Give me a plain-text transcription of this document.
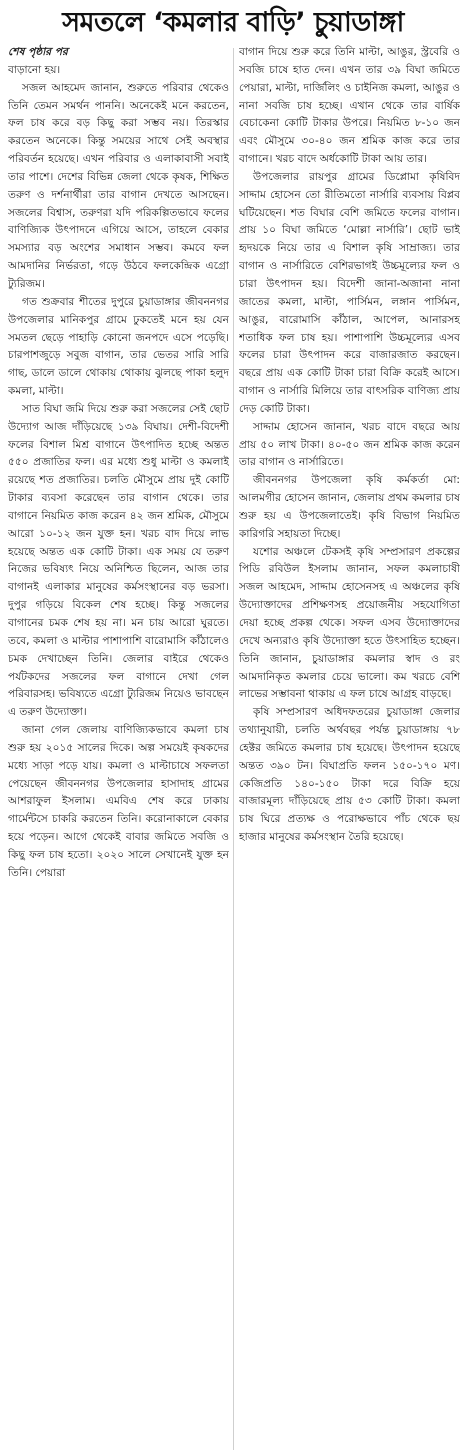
সমতলে ‘কমলার বাড়ি’ চুয়াডাঙ্গা
শেষ পৃষ্ঠার পর

বাড়ানো হয়।

সজল আহমেদ জানান, শুরুতে পরিবার থেকেও তিনি তেমন সমর্থন পাননি। অনেকেই মনে করতেন, ফল চাষ করে বড় কিছু করা সম্ভব নয়। তিরস্কার করতেন অনেকে। কিন্তু সময়ের সাথে সেই অবস্থার পরিবর্তন হয়েছে। এখন পরিবার ও এলাকাবাসী সবাই তার পাশে। দেশের বিভিন্ন জেলা থেকে কৃষক, শিক্ষিত তরুণ ও দর্শনার্থীরা তার বাগান দেখতে আসছেন। সজলের বিশ্বাস, তরুণরা যদি পরিকল্পিতভাবে ফলের বাণিজ্যিক উৎপাদনে এগিয়ে আসে, তাহলে বেকার সমস্যার বড় অংশের সমাধান সম্ভব। কমবে ফল আমদানির নির্ভরতা, গড়ে উঠবে ফলকেন্দ্রিক এগ্রো ট্যুরিজম।

গত শুক্রবার শীতের দুপুরে চুয়াডাঙ্গার জীবননগর উপজেলার মানিকপুর গ্রামে ঢুকতেই মনে হয় যেন সমতল ছেড়ে পাহাড়ি কোনো জনপদে এসে পড়েছি। চারপাশজুড়ে সবুজ বাগান, তার ভেতর সারি সারি গাছ, ডালে ডালে থোকায় থোকায় ঝুলছে পাকা হলুদ কমলা, মাল্টা।

সাত বিঘা জমি দিয়ে শুরু করা সজলের সেই ছোট উদ্যোগ আজ দাঁড়িয়েছে ১৩৯ বিঘায়। দেশী-বিদেশী ফলের বিশাল মিশ্র বাগানে উৎপাদিত হচ্ছে অন্তত ৫৫০ প্রজাতির ফল। এর মধ্যে শুধু মাল্টা ও কমলাই রয়েছে শত প্রজাতির। চলতি মৌসুমে প্রায় দুই কোটি টাকার ব্যবসা করেছেন তার বাগান থেকে। তার বাগানে নিয়মিত কাজ করেন ৪২ জন শ্রমিক, মৌসুমে আরো ১০-১২ জন যুক্ত হন। খরচ বাদ দিয়ে লাভ হয়েছে অন্তত এক কোটি টাকা। এক সময় যে তরুণ নিজের ভবিষ্যৎ নিয়ে অনিশ্চিত ছিলেন, আজ তার বাগানই এলাকার মানুষের কর্মসংস্থানের বড় ভরসা। দুপুর গড়িয়ে বিকেল শেষ হচ্ছে। কিন্তু সজলের বাগানের চমক শেষ হয় না। মন চায় আরো ঘুরতে। তবে, কমলা ও মাল্টার পাশাপাশি বারোমাসি কাঁঠালেও চমক দেখাচ্ছেন তিনি। জেলার বাইরে থেকেও পর্যটকদের সজলের ফল বাগানে দেখা গেল পরিবারসহ। ভবিষ্যতে এগ্রো ট্যুরিজম নিয়েও ভাবছেন এ তরুণ উদ্যোক্তা।

জানা গেল জেলায় বাণিজ্যিকভাবে কমলা চাষ শুরু হয় ২০১৫ সালের দিকে। অল্প সময়েই কৃষকদের মধ্যে সাড়া পড়ে যায়। কমলা ও মাল্টাচাষে সফলতা পেয়েছেন জীবননগর উপজেলার হাসাদাহ গ্রামের আশরাফুল ইসলাম। এমবিএ শেষ করে ঢাকায় গার্মেন্টসে চাকরি করতেন তিনি। করোনাকালে বেকার হয়ে পড়েন। আগে থেকেই বাবার জমিতে সবজি ও কিছু ফল চাষ হতো। ২০২০ সালে সেখানেই যুক্ত হন তিনি। পেয়ারা

বাগান দিয়ে শুরু করে তিনি মাল্টা, আঙুর, স্ট্রবেরি ও সবজি চাষে হাত দেন। এখন তার ৩৯ বিঘা জমিতে পেয়ারা, মাল্টা, দার্জিলিং ও চাইনিজ কমলা, আঙুর ও নানা সবজি চাষ হচ্ছে। এখান থেকে তার বার্ষিক বেচাকেনা কোটি টাকার উপরে। নিয়মিত ৮-১০ জন এবং মৌসুমে ৩০-৪০ জন শ্রমিক কাজ করে তার বাগানে। খরচ বাদে অর্ধকোটি টাকা আয় তার।

উপজেলার রায়পুর গ্রামের ডিপ্লোমা কৃষিবিদ সাদ্দাম হোসেন তো রীতিমতো নার্সারি ব্যবসায় বিপ্লব ঘটিয়েছেন। শত বিঘার বেশি জমিতে ফলের বাগান। প্রায় ১০ বিঘা জমিতে ‘মোল্লা নার্সারি’। ছোট ভাই হৃদয়কে নিয়ে তার এ বিশাল কৃষি সাম্রাজ্য। তার বাগান ও নার্সারিতে বেশিরভাগই উচ্চমূল্যের ফল ও চারা উৎপাদন হয়। বিদেশী জানা-অজানা নানা জাতের কমলা, মাল্টা, পার্সিমন, লঙ্গান পার্সিমন, আঙুর, বারোমাসি কাঁঠাল, আপেল, আনারসহ শতাধিক ফল চাষ হয়। পাশাপাশি উচ্চমূল্যের এসব ফলের চারা উৎপাদন করে বাজারজাত করছেন। বছরে প্রায় এক কোটি টাকা চারা বিক্রি করেই আসে। বাগান ও নার্সারি মিলিয়ে তার বাৎসরিক বাণিজ্য প্রায় দেড় কোটি টাকা।

সাদ্দাম হোসেন জানান, খরচ বাদে বছরে আয় প্রায় ৫০ লাখ টাকা। ৪০-৫০ জন শ্রমিক কাজ করেন তার বাগান ও নার্সারিতে।

জীবননগর উপজেলা কৃষি কর্মকর্তা মো: আলমগীর হোসেন জানান, জেলায় প্রথম কমলার চাষ শুরু হয় এ উপজেলাতেই। কৃষি বিভাগ নিয়মিত কারিগরি সহায়তা দিচ্ছে।

যশোর অঞ্চলে টেকসই কৃষি সম্প্রসারণ প্রকল্পের পিডি রবিউল ইসলাম জানান, সফল কমলাচাষী সজল আহমেদ, সাদ্দাম হোসেনসহ এ অঞ্চলের কৃষি উদ্যোক্তাদের প্রশিক্ষণসহ প্রয়োজনীয় সহযোগিতা দেয়া হচ্ছে প্রকল্প থেকে। সফল এসব উদ্যোক্তাদের দেখে অন্যরাও কৃষি উদ্যোক্তা হতে উৎসাহিত হচ্ছেন। তিনি জানান, চুয়াডাঙ্গার কমলার স্বাদ ও রং আমদানিকৃত কমলার চেয়ে ভালো। কম খরচে বেশি লাভের সম্ভাবনা থাকায় এ ফল চাষে আগ্রহ বাড়ছে।

কৃষি সম্প্রসারণ অধিদফতরের চুয়াডাঙ্গা জেলার তথ্যানুযায়ী, চলতি অর্থবছর পর্যন্ত চুয়াডাঙ্গায় ৭৮ হেক্টর জমিতে কমলার চাষ হয়েছে। উৎপাদন হয়েছে অন্তত ৩৯০ টন। বিঘাপ্রতি ফলন ১৫০-১৭০ মণ। কেজিপ্রতি ১৪০-১৫০ টাকা দরে বিক্রি হয়ে বাজারমূল্য দাঁড়িয়েছে প্রায় ৫৩ কোটি টাকা। কমলা চাষ ঘিরে প্রত্যক্ষ ও পরোক্ষভাবে পাঁচ থেকে ছয় হাজার মানুষের কর্মসংস্থান তৈরি হয়েছে।
